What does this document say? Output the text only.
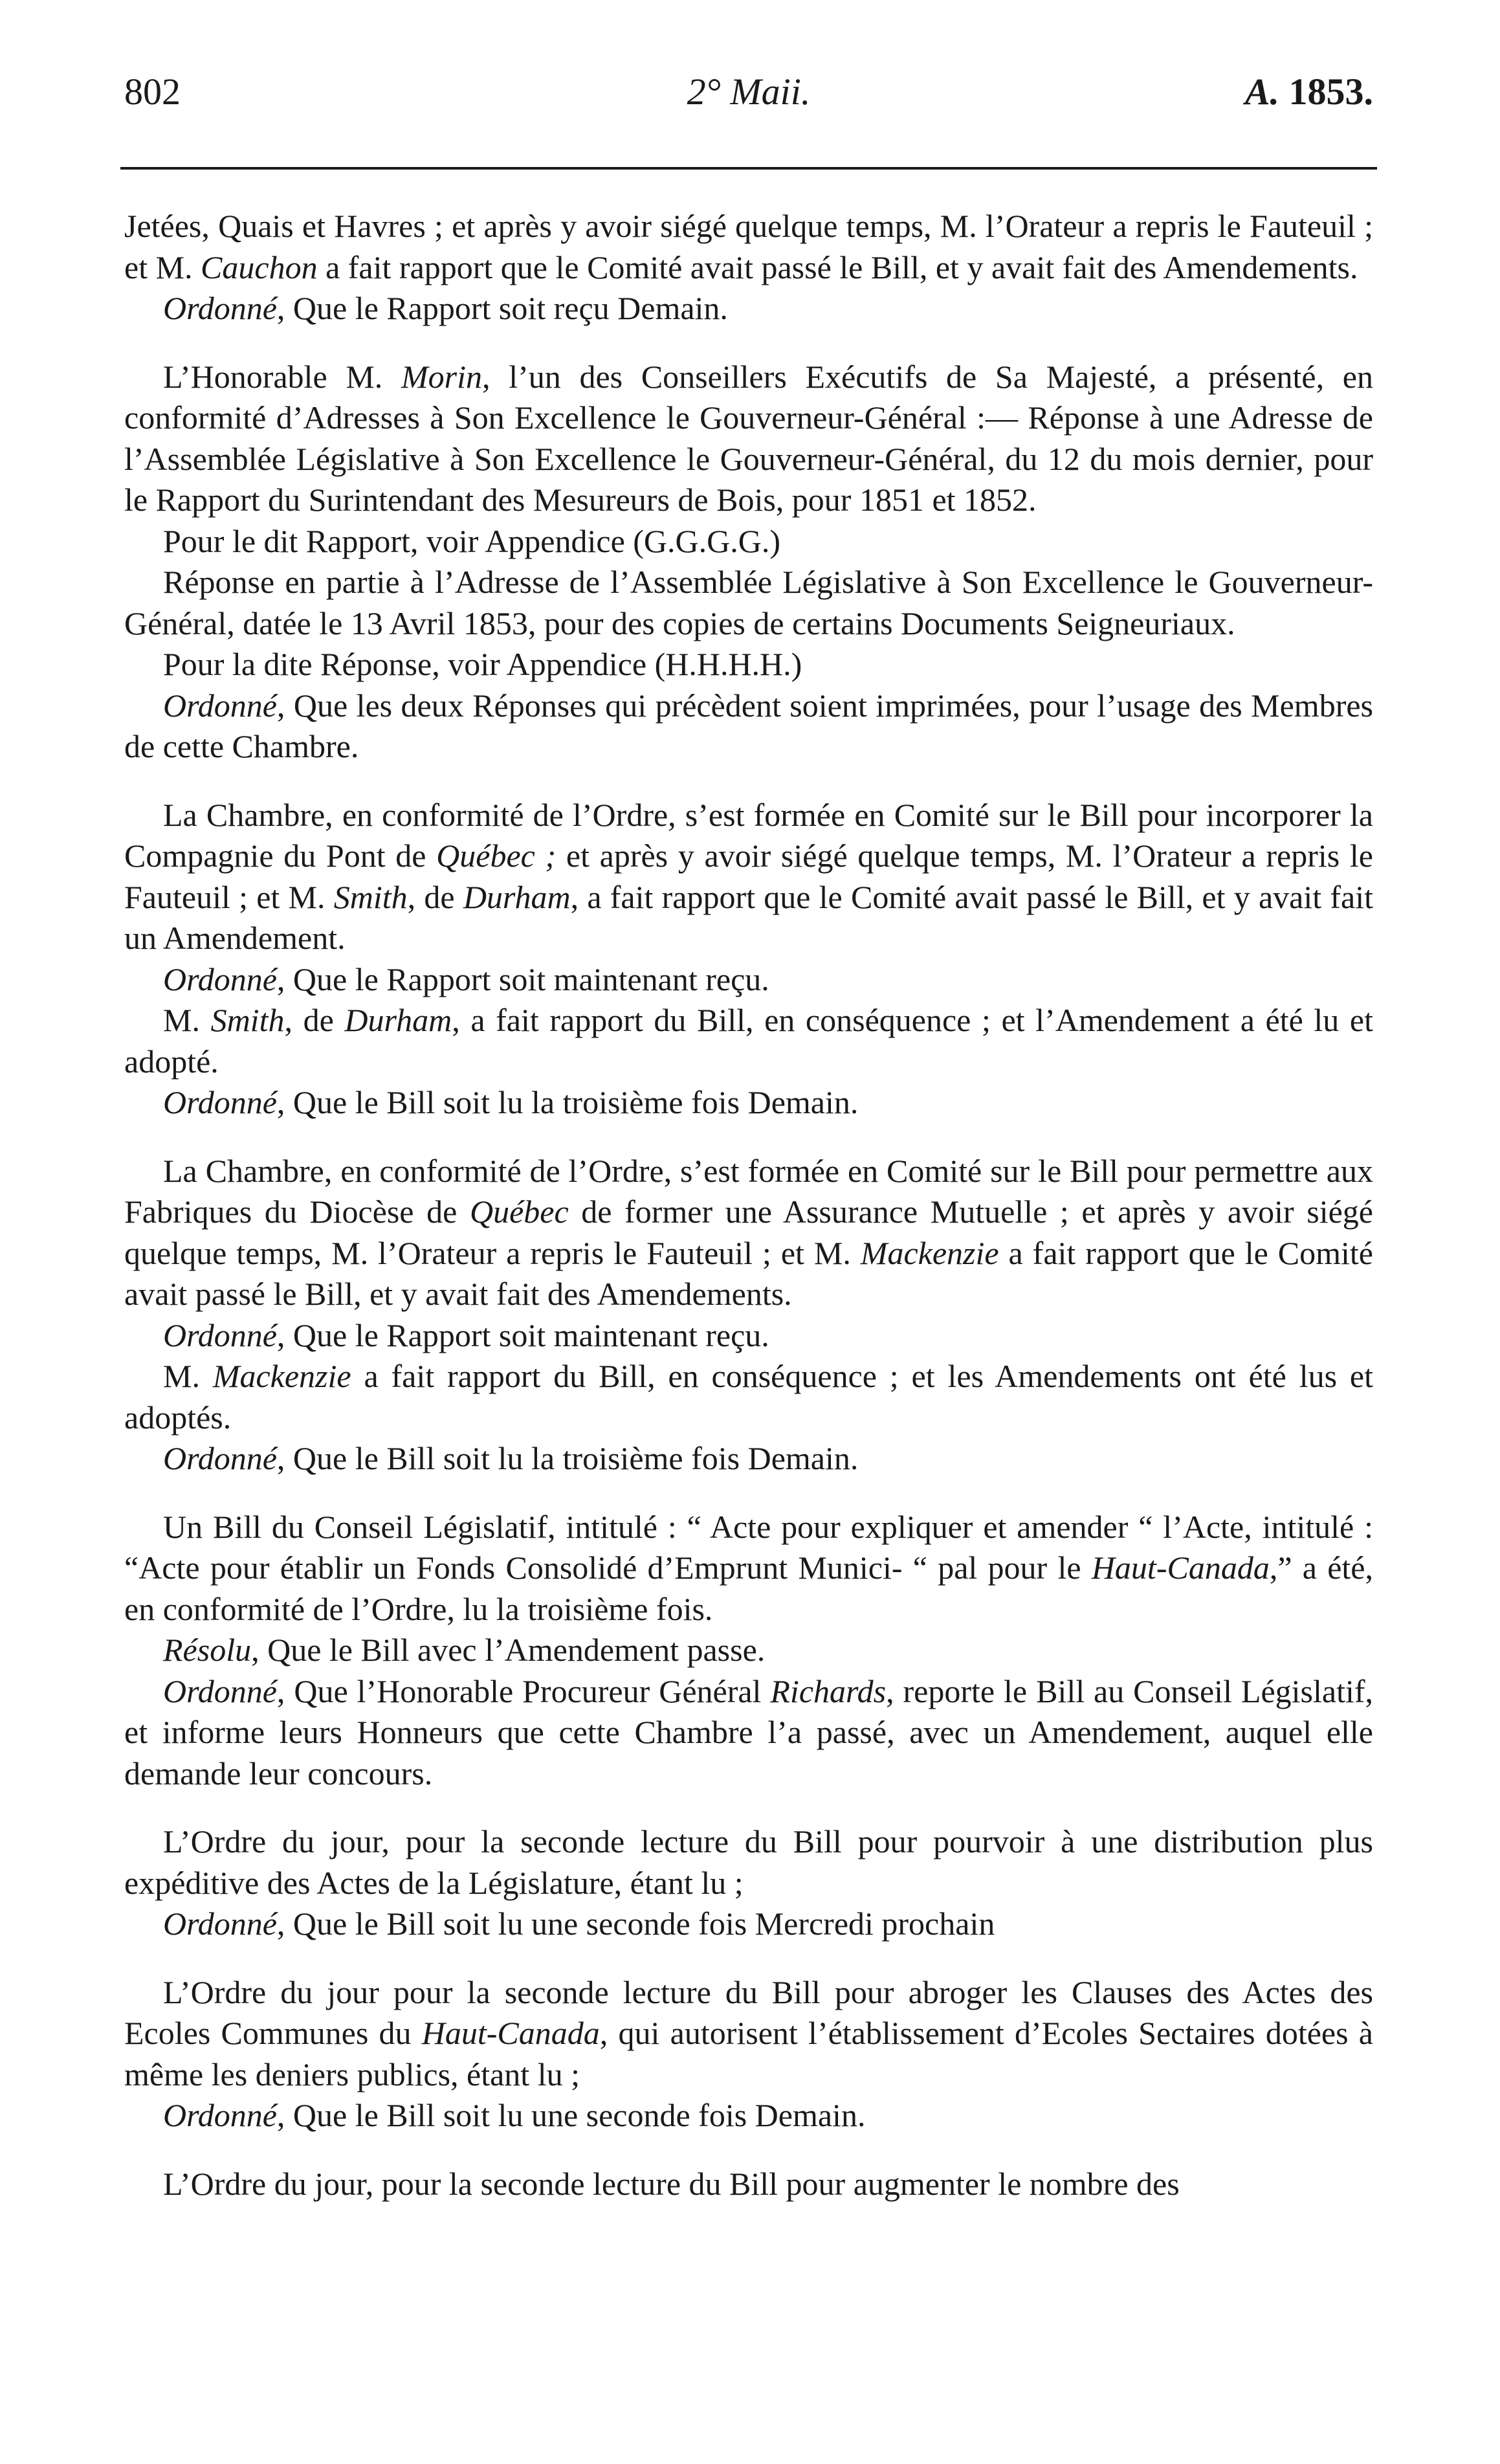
802	2° Maii.	A. 1853.

Jetées, Quais et Havres ; et après y avoir siégé quelque temps, M. l’Orateur a repris le Fauteuil ; et M. Cauchon a fait rapport que le Comité avait passé le Bill, et y avait fait des Amendements.

Ordonné, Que le Rapport soit reçu Demain.

L’Honorable M. Morin, l’un des Conseillers Exécutifs de Sa Majesté, a présenté, en conformité d’Adresses à Son Excellence le Gouverneur-Général :— Réponse à une Adresse de l’Assemblée Législative à Son Excellence le Gouverneur-Général, du 12 du mois dernier, pour le Rapport du Surintendant des Mesureurs de Bois, pour 1851 et 1852.

Pour le dit Rapport, voir Appendice (G.G.G.G.)

Réponse en partie à l’Adresse de l’Assemblée Législative à Son Excellence le Gouverneur-Général, datée le 13 Avril 1853, pour des copies de certains Documents Seigneuriaux.

Pour la dite Réponse, voir Appendice (H.H.H.H.)

Ordonné, Que les deux Réponses qui précèdent soient imprimées, pour l’usage des Membres de cette Chambre.

La Chambre, en conformité de l’Ordre, s’est formée en Comité sur le Bill pour incorporer la Compagnie du Pont de Québec ; et après y avoir siégé quelque temps, M. l’Orateur a repris le Fauteuil ; et M. Smith, de Durham, a fait rapport que le Comité avait passé le Bill, et y avait fait un Amendement.

Ordonné, Que le Rapport soit maintenant reçu.

M. Smith, de Durham, a fait rapport du Bill, en conséquence ; et l’Amendement a été lu et adopté.

Ordonné, Que le Bill soit lu la troisième fois Demain.

La Chambre, en conformité de l’Ordre, s’est formée en Comité sur le Bill pour permettre aux Fabriques du Diocèse de Québec de former une Assurance Mutuelle ; et après y avoir siégé quelque temps, M. l’Orateur a repris le Fauteuil ; et M. Mackenzie a fait rapport que le Comité avait passé le Bill, et y avait fait des Amendements.

Ordonné, Que le Rapport soit maintenant reçu.

M. Mackenzie a fait rapport du Bill, en conséquence ; et les Amendements ont été lus et adoptés.

Ordonné, Que le Bill soit lu la troisième fois Demain.

Un Bill du Conseil Législatif, intitulé : “ Acte pour expliquer et amender “ l’Acte, intitulé : “Acte pour établir un Fonds Consolidé d’Emprunt Munici- “ pal pour le Haut-Canada,” a été, en conformité de l’Ordre, lu la troisième fois.

Résolu, Que le Bill avec l’Amendement passe.

Ordonné, Que l’Honorable Procureur Général Richards, reporte le Bill au Conseil Législatif, et informe leurs Honneurs que cette Chambre l’a passé, avec un Amendement, auquel elle demande leur concours.

L’Ordre du jour, pour la seconde lecture du Bill pour pourvoir à une distribution plus expéditive des Actes de la Législature, étant lu ;

Ordonné, Que le Bill soit lu une seconde fois Mercredi prochain

L’Ordre du jour pour la seconde lecture du Bill pour abroger les Clauses des Actes des Ecoles Communes du Haut-Canada, qui autorisent l’établissement d’Ecoles Sectaires dotées à même les deniers publics, étant lu ;

Ordonné, Que le Bill soit lu une seconde fois Demain.

L’Ordre du jour, pour la seconde lecture du Bill pour augmenter le nombre des
